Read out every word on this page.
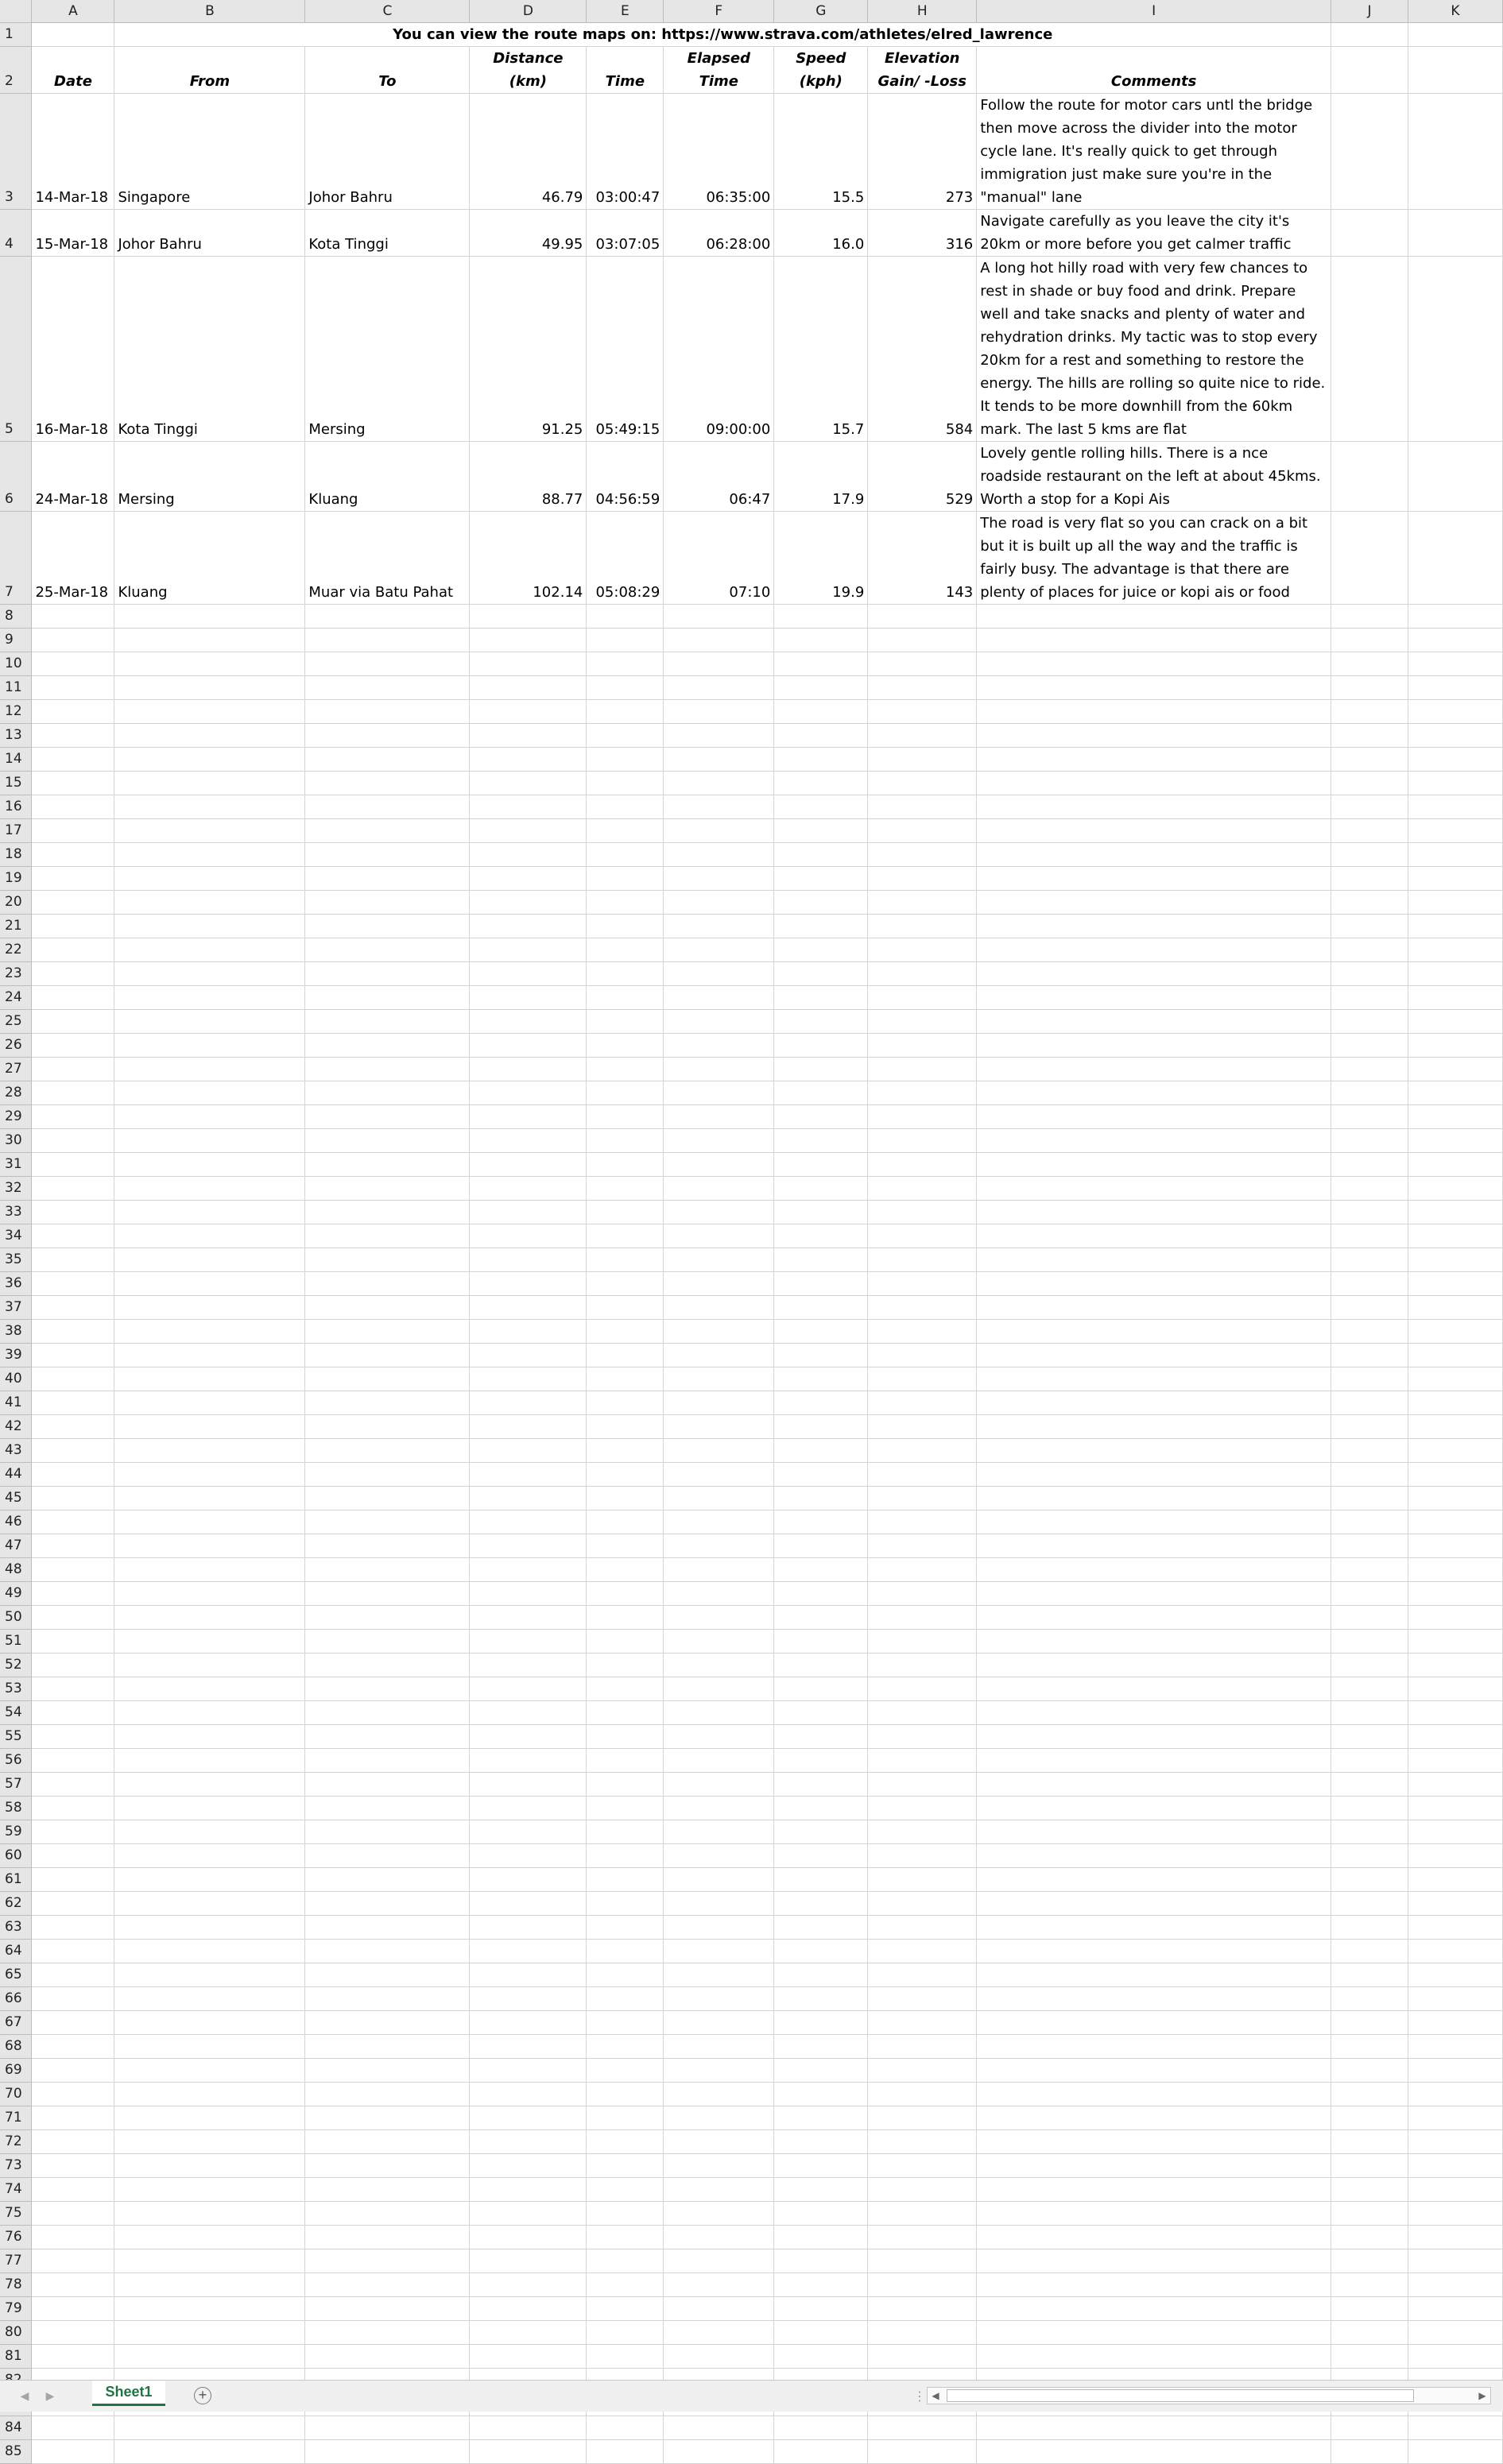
	A	B	C	D	E	F	G	H	I	J	K
1		You can view the route maps on: https://www.strava.com/athletes/elred_lawrence									
2	Date	From	To	Distance (km)	Time	Elapsed Time	Speed (kph)	Elevation Gain/ -Loss	Comments		
3	14-Mar-18	Singapore	Johor Bahru	46.79	03:00:47	06:35:00	15.5	273	Follow the route for motor cars untl the bridge then move across the divider into the motor cycle lane. It's really quick to get through immigration just make sure you're in the "manual" lane		
4	15-Mar-18	Johor Bahru	Kota Tinggi	49.95	03:07:05	06:28:00	16.0	316	Navigate carefully as you leave the city it's 20km or more before you get calmer traffic		
5	16-Mar-18	Kota Tinggi	Mersing	91.25	05:49:15	09:00:00	15.7	584	A long hot hilly road with very few chances to rest in shade or buy food and drink. Prepare well and take snacks and plenty of water and rehydration drinks. My tactic was to stop every 20km for a rest and something to restore the energy. The hills are rolling so quite nice to ride. It tends to be more downhill from the 60km mark. The last 5 kms are flat		
6	24-Mar-18	Mersing	Kluang	88.77	04:56:59	06:47	17.9	529	Lovely gentle rolling hills. There is a nce roadside restaurant on the left at about 45kms. Worth a stop for a Kopi Ais		
7	25-Mar-18	Kluang	Muar via Batu Pahat	102.14	05:08:29	07:10	19.9	143	The road is very flat so you can crack on a bit but it is built up all the way and the traffic is fairly busy. The advantage is that there are plenty of places for juice or kopi ais or food		
8											
9											
10											
11											
12											
13											
14											
15											
16											
17											
18											
19											
20											
21											
22											
23											
24											
25											
26											
27											
28											
29											
30											
31											
32											
33											
34											
35											
36											
37											
38											
39											
40											
41											
42											
43											
44											
45											
46											
47											
48											
49											
50											
51											
52											
53											
54											
55											
56											
57											
58											
59											
60											
61											
62											
63											
64											
65											
66											
67											
68											
69											
70											
71											
72											
73											
74											
75											
76											
77											
78											
79											
80											
81											

84											
85											
◀	▶	Sheet1	+	⋮ ◀	▶
